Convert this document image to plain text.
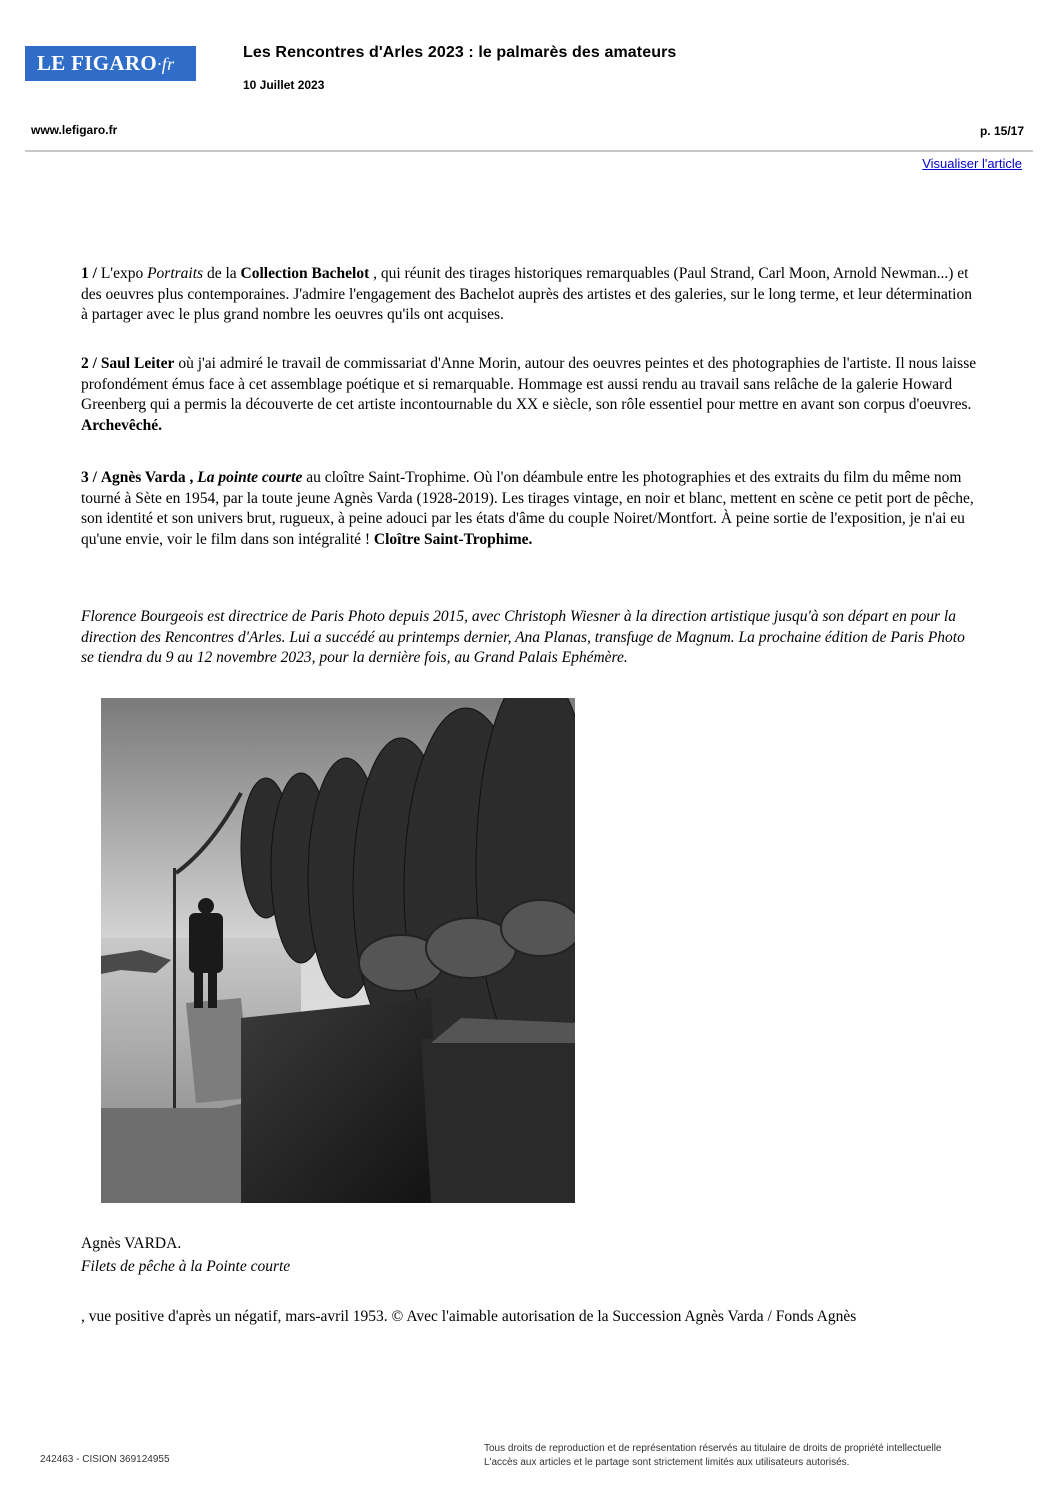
LE FIGARO·fr
Les Rencontres d'Arles 2023 : le palmarès des amateurs
10 Juillet 2023
www.lefigaro.fr	p. 15/17
Visualiser l'article
1 / L'expo Portraits de la Collection Bachelot , qui réunit des tirages historiques remarquables (Paul Strand, Carl Moon, Arnold Newman...) et des oeuvres plus contemporaines. J'admire l'engagement des Bachelot auprès des artistes et des galeries, sur le long terme, et leur détermination à partager avec le plus grand nombre les oeuvres qu'ils ont acquises.
2 / Saul Leiter où j'ai admiré le travail de commissariat d'Anne Morin, autour des oeuvres peintes et des photographies de l'artiste. Il nous laisse profondément émus face à cet assemblage poétique et si remarquable. Hommage est aussi rendu au travail sans relâche de la galerie Howard Greenberg qui a permis la découverte de cet artiste incontournable du XX e siècle, son rôle essentiel pour mettre en avant son corpus d'oeuvres. Archevêché.
3 / Agnès Varda , La pointe courte au cloître Saint-Trophime. Où l'on déambule entre les photographies et des extraits du film du même nom tourné à Sète en 1954, par la toute jeune Agnès Varda (1928-2019). Les tirages vintage, en noir et blanc, mettent en scène ce petit port de pêche, son identité et son univers brut, rugueux, à peine adouci par les états d'âme du couple Noiret/Montfort. À peine sortie de l'exposition, je n'ai eu qu'une envie, voir le film dans son intégralité ! Cloître Saint-Trophime.
Florence Bourgeois est directrice de Paris Photo depuis 2015, avec Christoph Wiesner à la direction artistique jusqu'à son départ en pour la direction des Rencontres d'Arles. Lui a succédé au printemps dernier, Ana Planas, transfuge de Magnum. La prochaine édition de Paris Photo se tiendra du 9 au 12 novembre 2023, pour la dernière fois, au Grand Palais Ephémère.
Agnès VARDA.
Filets de pêche à la Pointe courte
, vue positive d'après un négatif, mars-avril 1953. © Avec l'aimable autorisation de la Succession Agnès Varda / Fonds Agnès
242463 - CISION 369124955
Tous droits de reproduction et de représentation réservés au titulaire de droits de propriété intellectuelle
L'accès aux articles et le partage sont strictement limités aux utilisateurs autorisés.
